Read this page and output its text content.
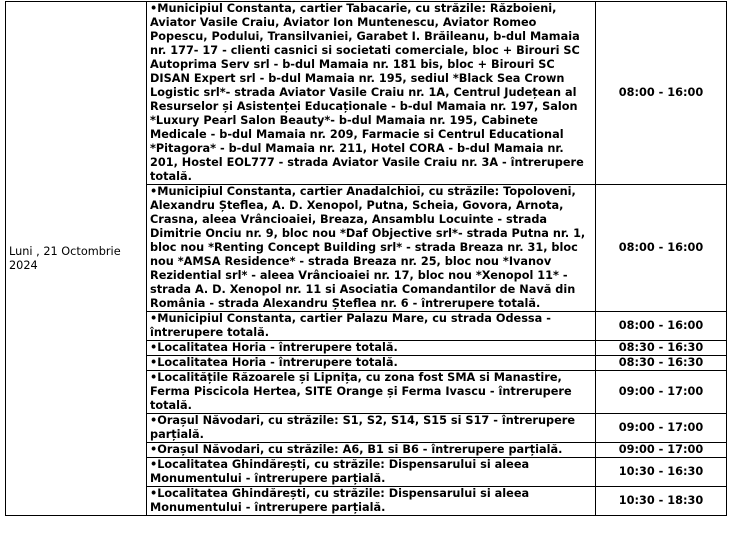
Luni , 21 Octombrie 2024	•Municipiul Constanta, cartier Tabacarie, cu străzile: Războieni, Aviator Vasile Craiu, Aviator Ion Muntenescu, Aviator Romeo Popescu, Podului, Transilvaniei, Garabet I. Brăileanu, b-dul Mamaia nr. 177- 17 - clienti casnici si societati comerciale, bloc + Birouri SC Autoprima Serv srl - b-dul Mamaia nr. 181 bis, bloc + Birouri SC DISAN Expert srl - b-dul Mamaia nr. 195, sediul *Black Sea Crown Logistic srl*- strada Aviator Vasile Craiu nr. 1A, Centrul Județean al Resurselor și Asistenței Educaționale - b-dul Mamaia nr. 197, Salon *Luxury Pearl Salon Beauty*- b-dul Mamaia nr. 195, Cabinete Medicale - b-dul Mamaia nr. 209, Farmacie si Centrul Educational *Pitagora* - b-dul Mamaia nr. 211, Hotel CORA - b-dul Mamaia nr. 201, Hostel EOL777 - strada Aviator Vasile Craiu nr. 3A - întrerupere totală.	08:00 - 16:00
	•Municipiul Constanta, cartier Anadalchioi, cu străzile: Topoloveni, Alexandru Șteflea, A. D. Xenopol, Putna, Scheia, Govora, Arnota, Crasna, aleea Vrâncioaiei, Breaza, Ansamblu Locuinte - strada Dimitrie Onciu nr. 9, bloc nou *Daf Objective srl*- strada Putna nr. 1, bloc nou *Renting Concept Building srl* - strada Breaza nr. 31, bloc nou *AMSA Residence* - strada Breaza nr. 25, bloc nou *Ivanov Rezidential srl* - aleea Vrâncioaiei nr. 17, bloc nou *Xenopol 11* - strada A. D. Xenopol nr. 11 si Asociatia Comandantilor de Navă din România - strada Alexandru Șteflea nr. 6 - întrerupere totală.	08:00 - 16:00
	•Municipiul Constanta, cartier Palazu Mare, cu strada Odessa - întrerupere totală.	08:00 - 16:00
	•Localitatea Horia - întrerupere totală.	08:30 - 16:30
	•Localitatea Horia - întrerupere totală.	08:30 - 16:30
	•Localitățile Răzoarele și Lipnița, cu zona fost SMA si Manastire, Ferma Piscicola Hertea, SITE Orange și Ferma Ivascu - întrerupere totală.	09:00 - 17:00
	•Orașul Năvodari, cu străzile: S1, S2, S14, S15 si S17 - întrerupere parțială.	09:00 - 17:00
	•Orașul Năvodari, cu străzile: A6, B1 si B6 - întrerupere parțială.	09:00 - 17:00
	•Localitatea Ghindărești, cu străzile: Dispensarului si aleea Monumentului - întrerupere parțială.	10:30 - 16:30
	•Localitatea Ghindărești, cu străzile: Dispensarului si aleea Monumentului - întrerupere parțială.	10:30 - 18:30
